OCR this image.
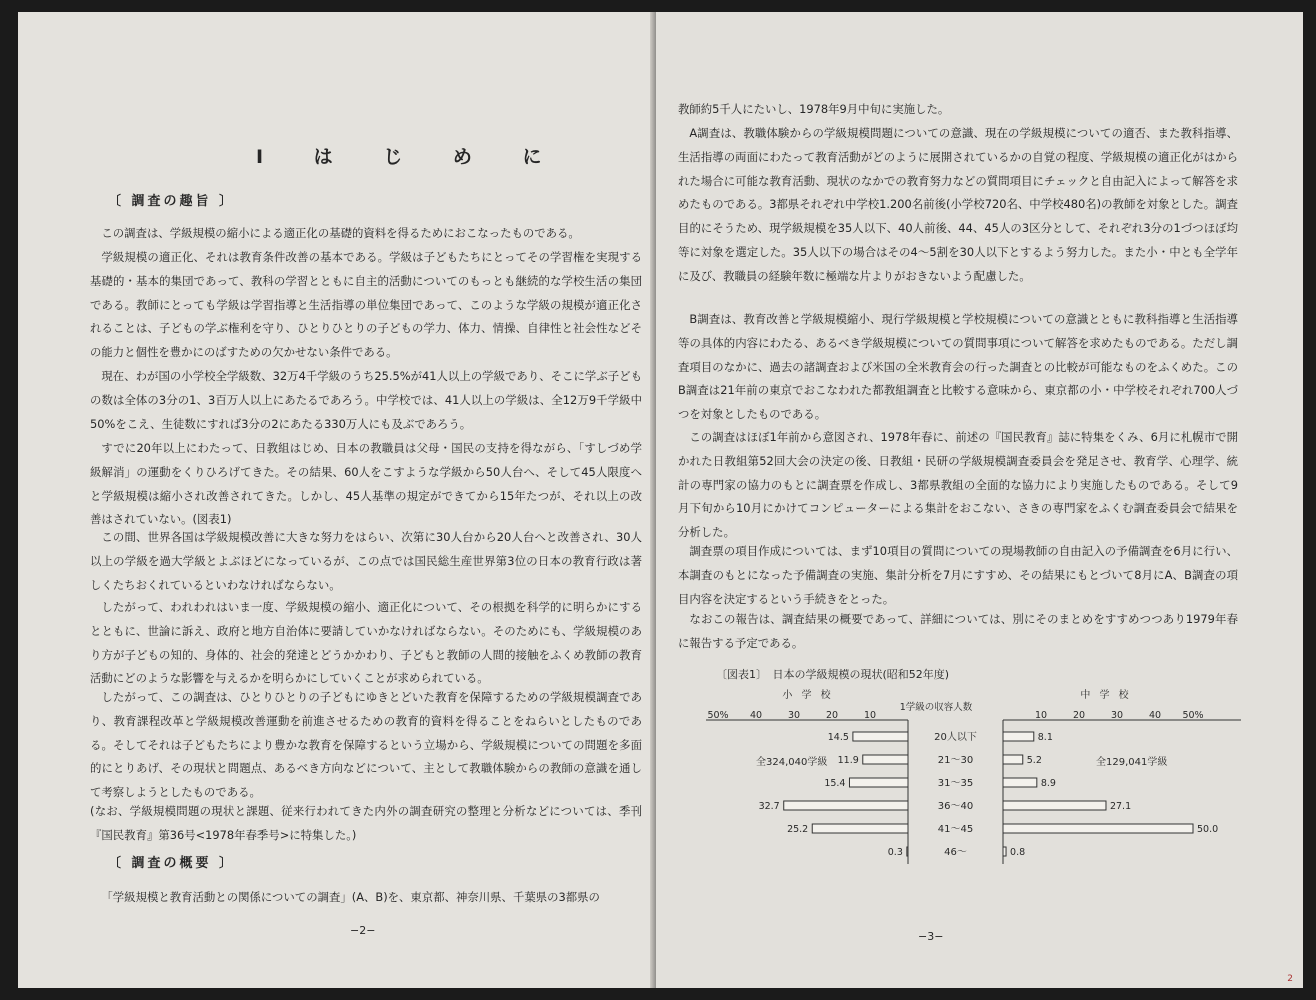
Ⅰ は じ め に
〔 調査の趣旨 〕

この調査は、学級規模の縮小による適正化の基礎的資料を得るためにおこなったものである。

学級規模の適正化、それは教育条件改善の基本である。学級は子どもたちにとってその学習権を実現する基礎的・基本的集団であって、教科の学習とともに自主的活動についてのもっとも継続的な学校生活の集団である。教師にとっても学級は学習指導と生活指導の単位集団であって、このような学級の規模が適正化されることは、子どもの学ぶ権利を守り、ひとりひとりの子どもの学力、体力、情操、自律性と社会性などその能力と個性を豊かにのばすための欠かせない条件である。

現在、わが国の小学校全学級数、32万4千学級のうち25.5%が41人以上の学級であり、そこに学ぶ子どもの数は全体の3分の1、3百万人以上にあたるであろう。中学校では、41人以上の学級は、全12万9千学級中50%をこえ、生徒数にすれば3分の2にあたる330万人にも及ぶであろう。

すでに20年以上にわたって、日教組はじめ、日本の教職員は父母・国民の支持を得ながら、「すしづめ学級解消」の運動をくりひろげてきた。その結果、60人をこすような学級から50人台へ、そして45人限度へと学級規模は縮小され改善されてきた。しかし、45人基準の規定ができてから15年たつが、それ以上の改善はされていない。(図表1)

この間、世界各国は学級規模改善に大きな努力をはらい、次第に30人台から20人台へと改善され、30人以上の学級を過大学級とよぶほどになっているが、この点では国民総生産世界第3位の日本の教育行政は著しくたちおくれているといわなければならない。

したがって、われわれはいま一度、学級規模の縮小、適正化について、その根拠を科学的に明らかにするとともに、世論に訴え、政府と地方自治体に要請していかなければならない。そのためにも、学級規模のあり方が子どもの知的、身体的、社会的発達とどうかかわり、子どもと教師の人間的接触をふくめ教師の教育活動にどのような影響を与えるかを明らかにしていくことが求められている。

したがって、この調査は、ひとりひとりの子どもにゆきとどいた教育を保障するための学級規模調査であり、教育課程改革と学級規模改善運動を前進させるための教育的資料を得ることをねらいとしたものである。そしてそれは子どもたちにより豊かな教育を保障するという立場から、学級規模についての問題を多面的にとりあげ、その現状と問題点、あるべき方向などについて、主として教職体験からの教師の意識を通して考察しようとしたものである。

(なお、学級規模問題の現状と課題、従来行われてきた内外の調査研究の整理と分析などについては、季刊『国民教育』第36号<1978年春季号>に特集した。)

〔 調査の概要 〕

「学級規模と教育活動との関係についての調査」(A、B)を、東京都、神奈川県、千葉県の3都県の

−2−

教師約5千人にたいし、1978年9月中旬に実施した。

A調査は、教職体験からの学級規模問題についての意識、現在の学級規模についての適否、また教科指導、生活指導の両面にわたって教育活動がどのように展開されているかの自覚の程度、学級規模の適正化がはかられた場合に可能な教育活動、現状のなかでの教育努力などの質問項目にチェックと自由記入によって解答を求めたものである。3都県それぞれ中学校1.200名前後(小学校720名、中学校480名)の教師を対象とした。調査目的にそうため、現学級規模を35人以下、40人前後、44、45人の3区分として、それぞれ3分の1づつほぼ均等に対象を選定した。35人以下の場合はその4〜5割を30人以下とするよう努力した。また小・中とも全学年に及び、教職員の経験年数に極端な片よりがおきないよう配慮した。

B調査は、教育改善と学級規模縮小、現行学級規模と学校規模についての意識とともに教科指導と生活指導等の具体的内容にわたる、あるべき学級規模についての質問事項について解答を求めたものである。ただし調査項目のなかに、過去の諸調査および米国の全米教育会の行った調査との比較が可能なものをふくめた。このB調査は21年前の東京でおこなわれた都教組調査と比較する意味から、東京都の小・中学校それぞれ700人づつを対象としたものである。

この調査はほぼ1年前から意図され、1978年春に、前述の『国民教育』誌に特集をくみ、6月に札幌市で開かれた日教組第52回大会の決定の後、日教組・民研の学級規模調査委員会を発足させ、教育学、心理学、統計の専門家の協力のもとに調査票を作成し、3都県教組の全面的な協力により実施したものである。そして9月下旬から10月にかけてコンピューターによる集計をおこない、さきの専門家をふくむ調査委員会で結果を分析した。

調査票の項目作成については、まず10項目の質問についての現場教師の自由記入の予備調査を6月に行い、本調査のもとになった予備調査の実施、集計分析を7月にすすめ、その結果にもとづいて8月にA、B調査の項目内容を決定するという手続きをとった。

なおこの報告は、調査結果の概要であって、詳細については、別にそのまとめをすすめつつあり1979年春に報告する予定である。

〔図表1〕　日本の学級規模の現状(昭和52年度)
小 学 校	中 学 校
1学級の収容人数
50% 40	30	20	10	10	20	30	40 50%
20人以下
14.5	8.1
21〜30
11.9	5.2
31〜35
15.4	8.9
36〜40
32.7	27.1
41〜45
25.2	50.0
46〜
0.3	0.8
全324,040学級	全129,041学級
−3−
2
